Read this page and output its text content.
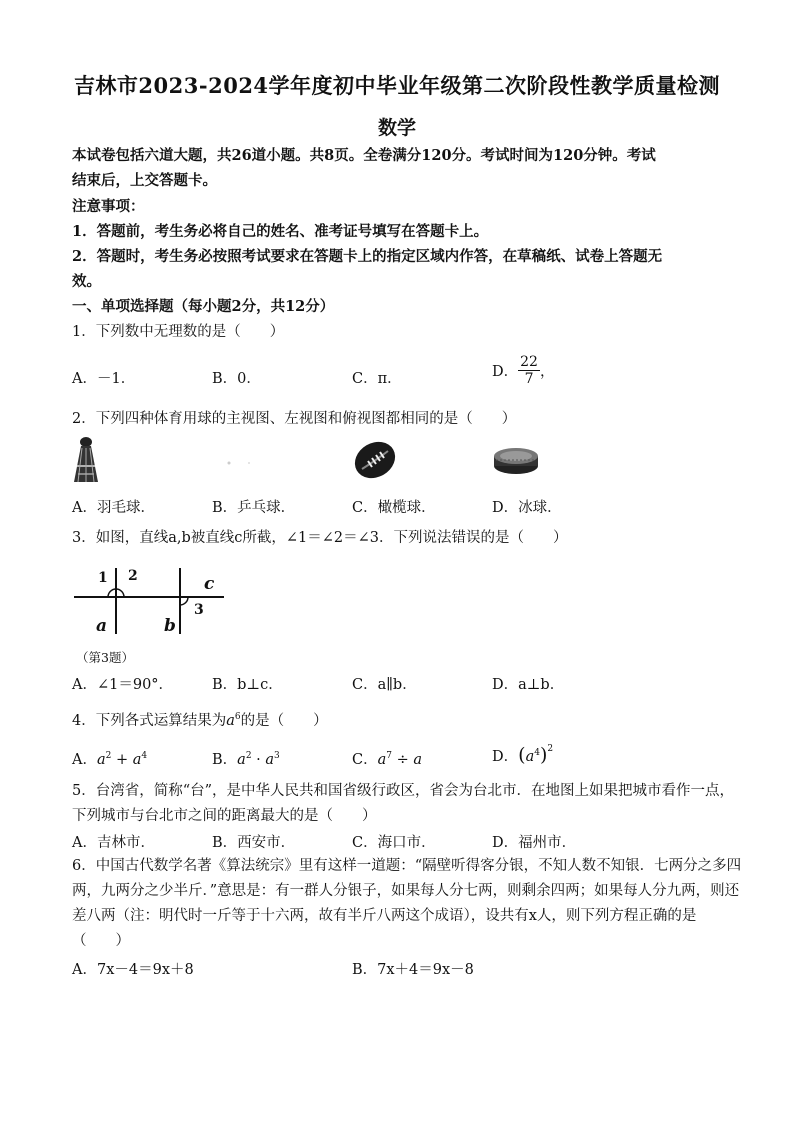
吉林市2023-2024学年度初中毕业年级第二次阶段性教学质量检测
数学
本试卷包括六道大题，共26道小题。共8页。全卷满分120分。考试时间为120分钟。考试
结束后，上交答题卡。
注意事项：
1．答题前，考生务必将自己的姓名、准考证号填写在答题卡上。
2．答题时，考生务必按照考试要求在答题卡上的指定区域内作答，在草稿纸、试卷上答题无
效。
一、单项选择题（每小题2分，共12分）
1．下列数中无理数的是（　　）
A．－1．	B．0．	C．π．	D． $\frac{22}{7}$ ，
2．下列四种体育用球的主视图、左视图和俯视图都相同的是（　　）
A．羽毛球．	B．乒乓球．	C．橄榄球．	D．冰球．
3．如图，直线a,b被直线c所截，∠1＝∠2＝∠3．下列说法错误的是（　　）
1 2
3
a	b
c
（第3题）
A．∠1＝90°．	B．b⊥c．	C．a∥b．	D．a⊥b．
4．下列各式运算结果为$a^6$的是（　　）
A．$a^2 + a^4$	B．$a^2 \cdot a^3$	C．$a^7 \div a$	D．$(a^4)^2$
5．台湾省，简称“台”，是中华人民共和国省级行政区，省会为台北市．在地图上如果把城市看作一点，
下列城市与台北市之间的距离最大的是（　　）
A．吉林市．	B．西安市．	C．海口市．	D．福州市．
6．中国古代数学名著《算法统宗》里有这样一道题：“隔壁听得客分银，不知人数不知银．七两分之多四
两，九两分之少半斤．”意思是：有一群人分银子，如果每人分七两，则剩余四两；如果每人分九两，则还
差八两（注：明代时一斤等于十六两，故有半斤八两这个成语），设共有x人，则下列方程正确的是
（　　）
A．7x－4＝9x＋8	B．7x＋4＝9x－8
